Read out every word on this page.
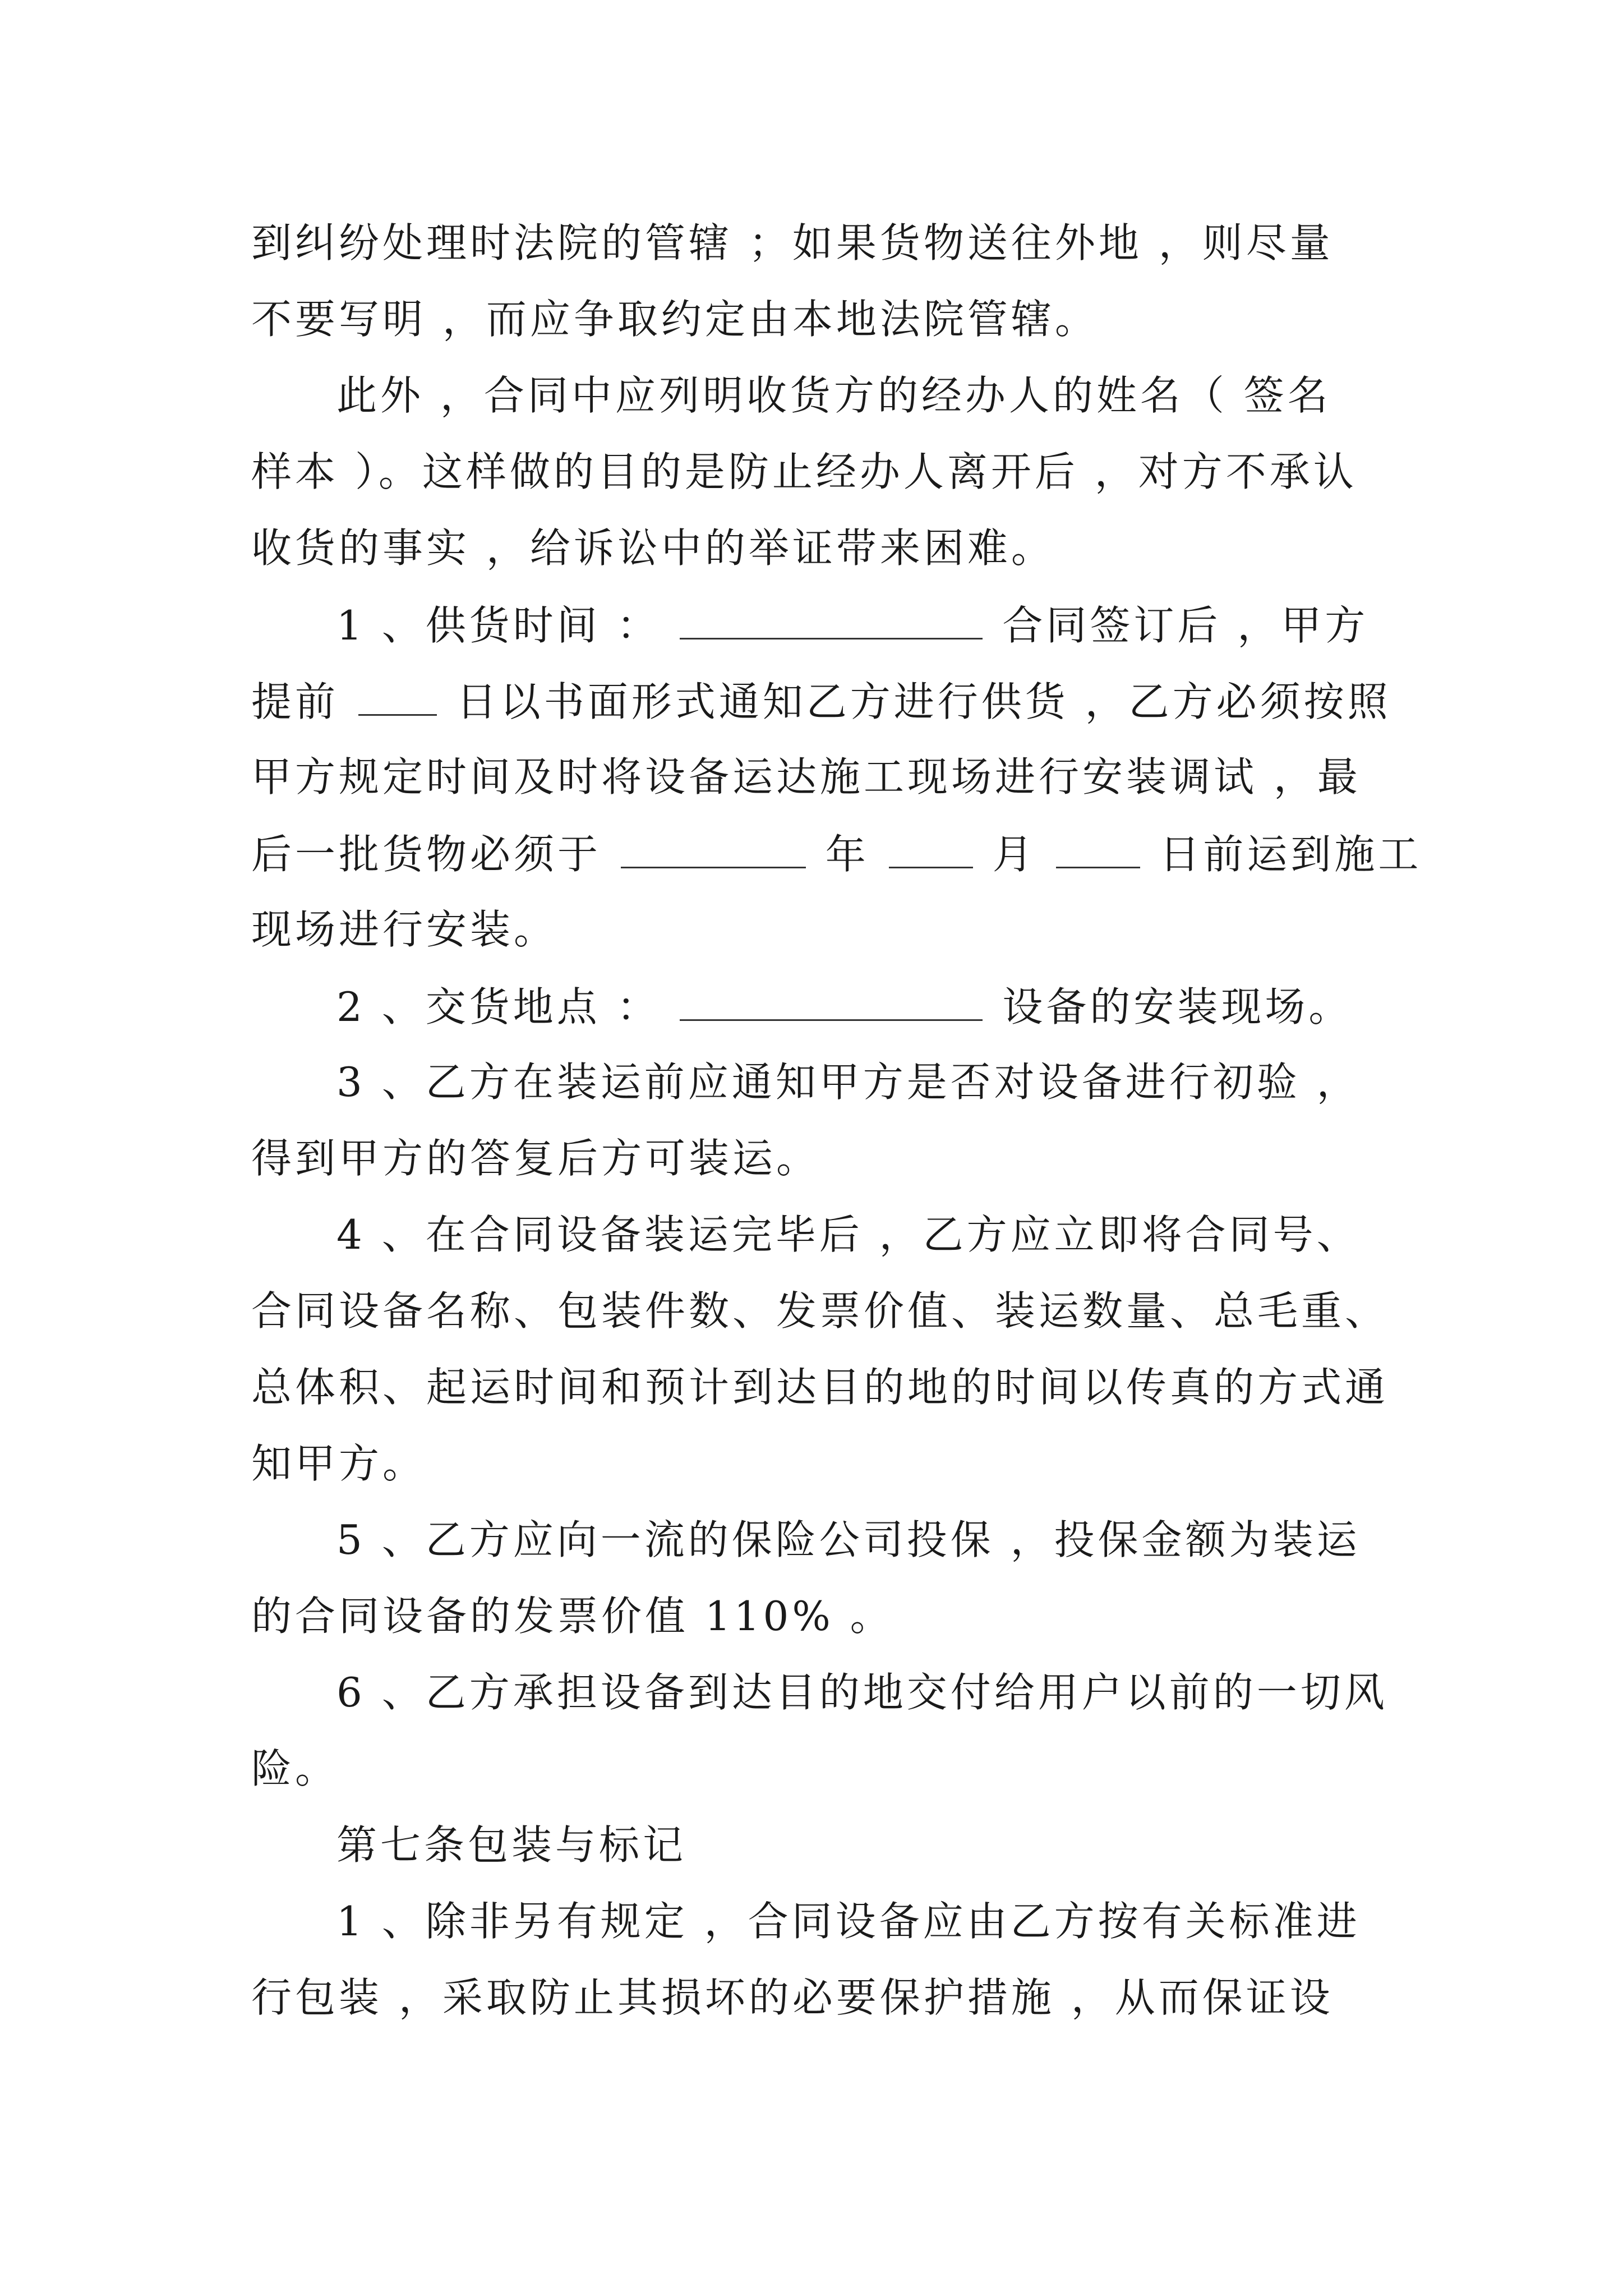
到纠纷处理时法院的管辖 ；如果货物送往外地 ，则尽量
不要写明 ，而应争取约定由本地法院管辖。
此外 ，合同中应列明收货方的经办人的姓名（ 签名
样本 ）。这样做的目的是防止经办人离开后 ，对方不承认
收货的事实 ，给诉讼中的举证带来困难。
1 、供货时间 ：	合同签订后 ，甲方
提前	日以书面形式通知乙方进行供货 ，乙方必须按照
甲方规定时间及时将设备运达施工现场进行安装调试 ，最
后一批货物必须于	年	月	日前运到施工
现场进行安装。
2 、交货地点 ：	设备的安装现场。
3 、乙方在装运前应通知甲方是否对设备进行初验 ，
得到甲方的答复后方可装运。
4 、在合同设备装运完毕后 ，乙方应立即将合同号、
合同设备名称、包装件数、发票价值、装运数量、总毛重、
总体积、起运时间和预计到达目的地的时间以传真的方式通
知甲方。
5 、乙方应向一流的保险公司投保 ，投保金额为装运
的合同设备的发票价值 110% 。
6 、乙方承担设备到达目的地交付给用户以前的一切风
险。
第七条包装与标记
1 、除非另有规定 ，合同设备应由乙方按有关标准进
行包装 ，采取防止其损坏的必要保护措施 ，从而保证设
